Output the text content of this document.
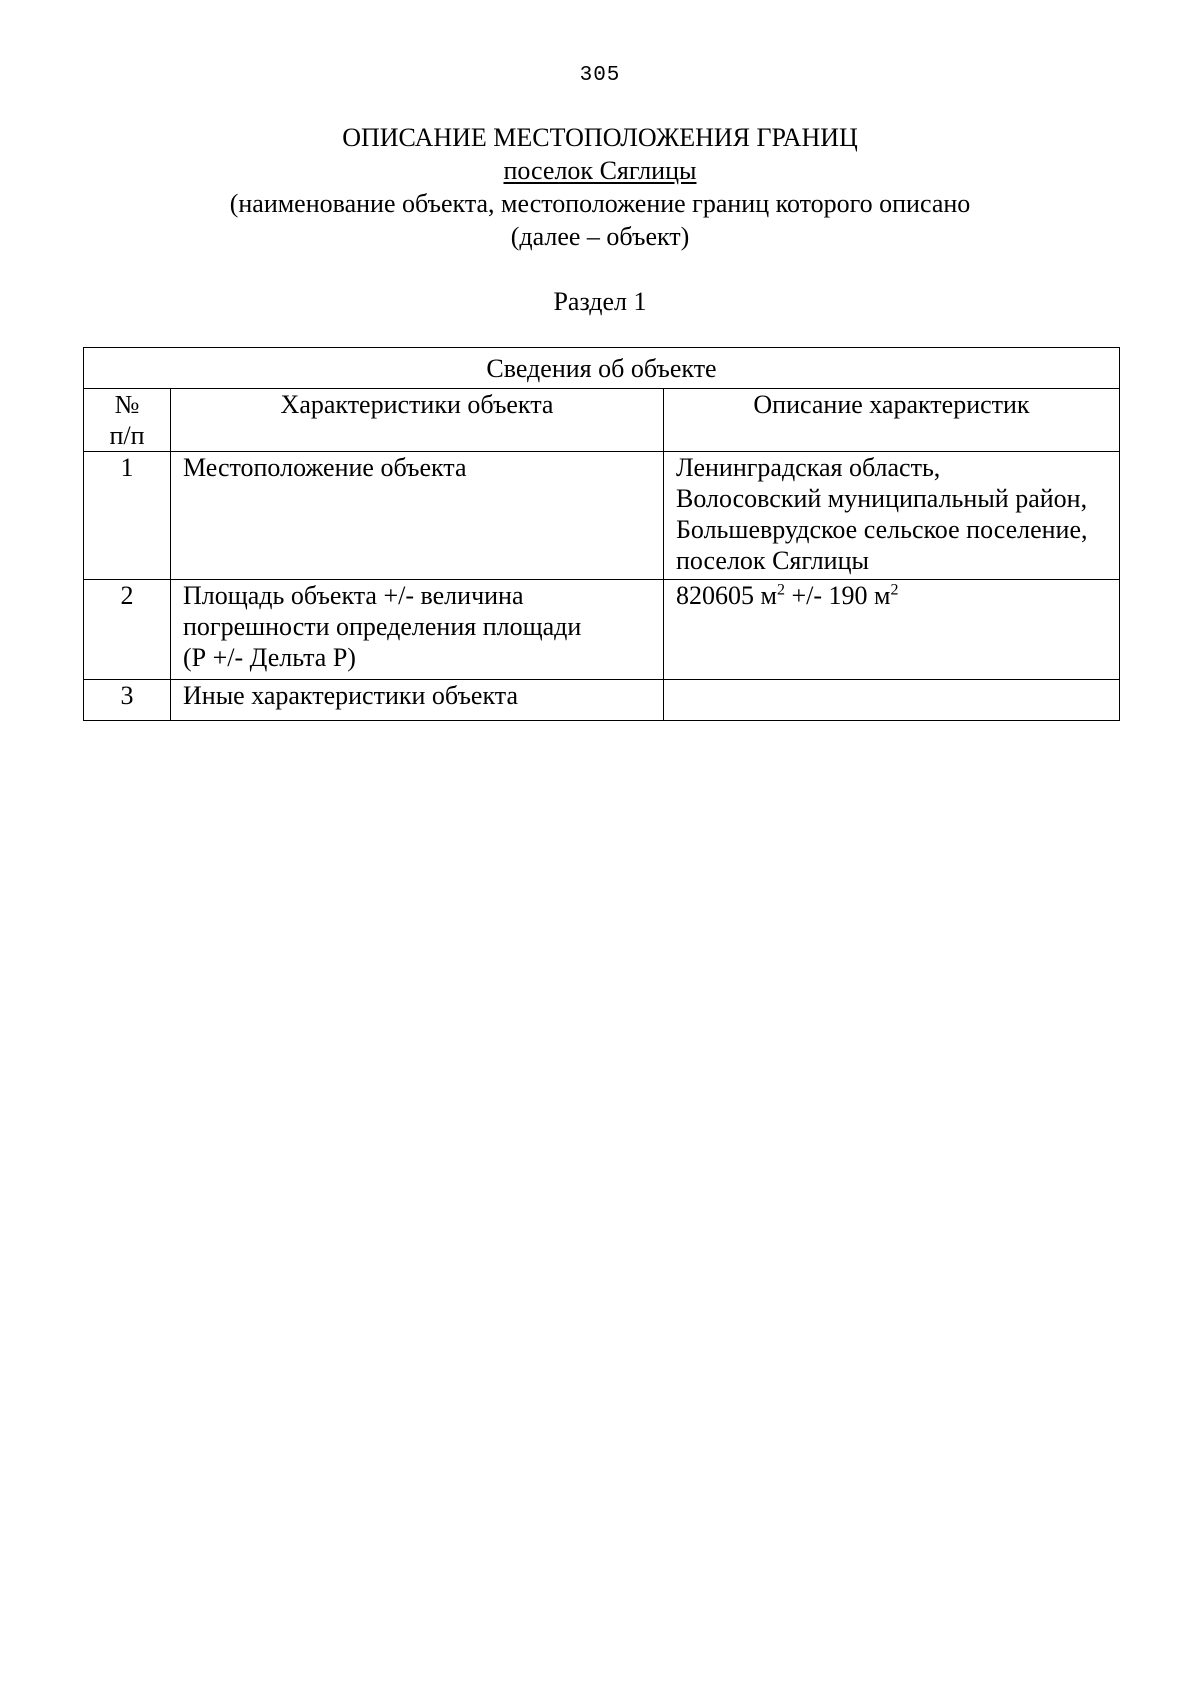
305
ОПИСАНИЕ МЕСТОПОЛОЖЕНИЯ ГРАНИЦ
поселок Сяглицы
(наименование объекта, местоположение границ которого описано
(далее – объект)
Раздел 1
Сведения об объекте		
№
п/п	Характеристики объекта	Описание характеристик
1	Местоположение объекта	Ленинградская область,
Волосовский муниципальный район,
Большеврудское сельское поселение,
поселок Сяглицы
2	Площадь объекта +/- величина
погрешности определения площади
(Р +/- Дельта Р)	820605 $м^2$ +/- 190 $м^2$
3	Иные характеристики объекта	
